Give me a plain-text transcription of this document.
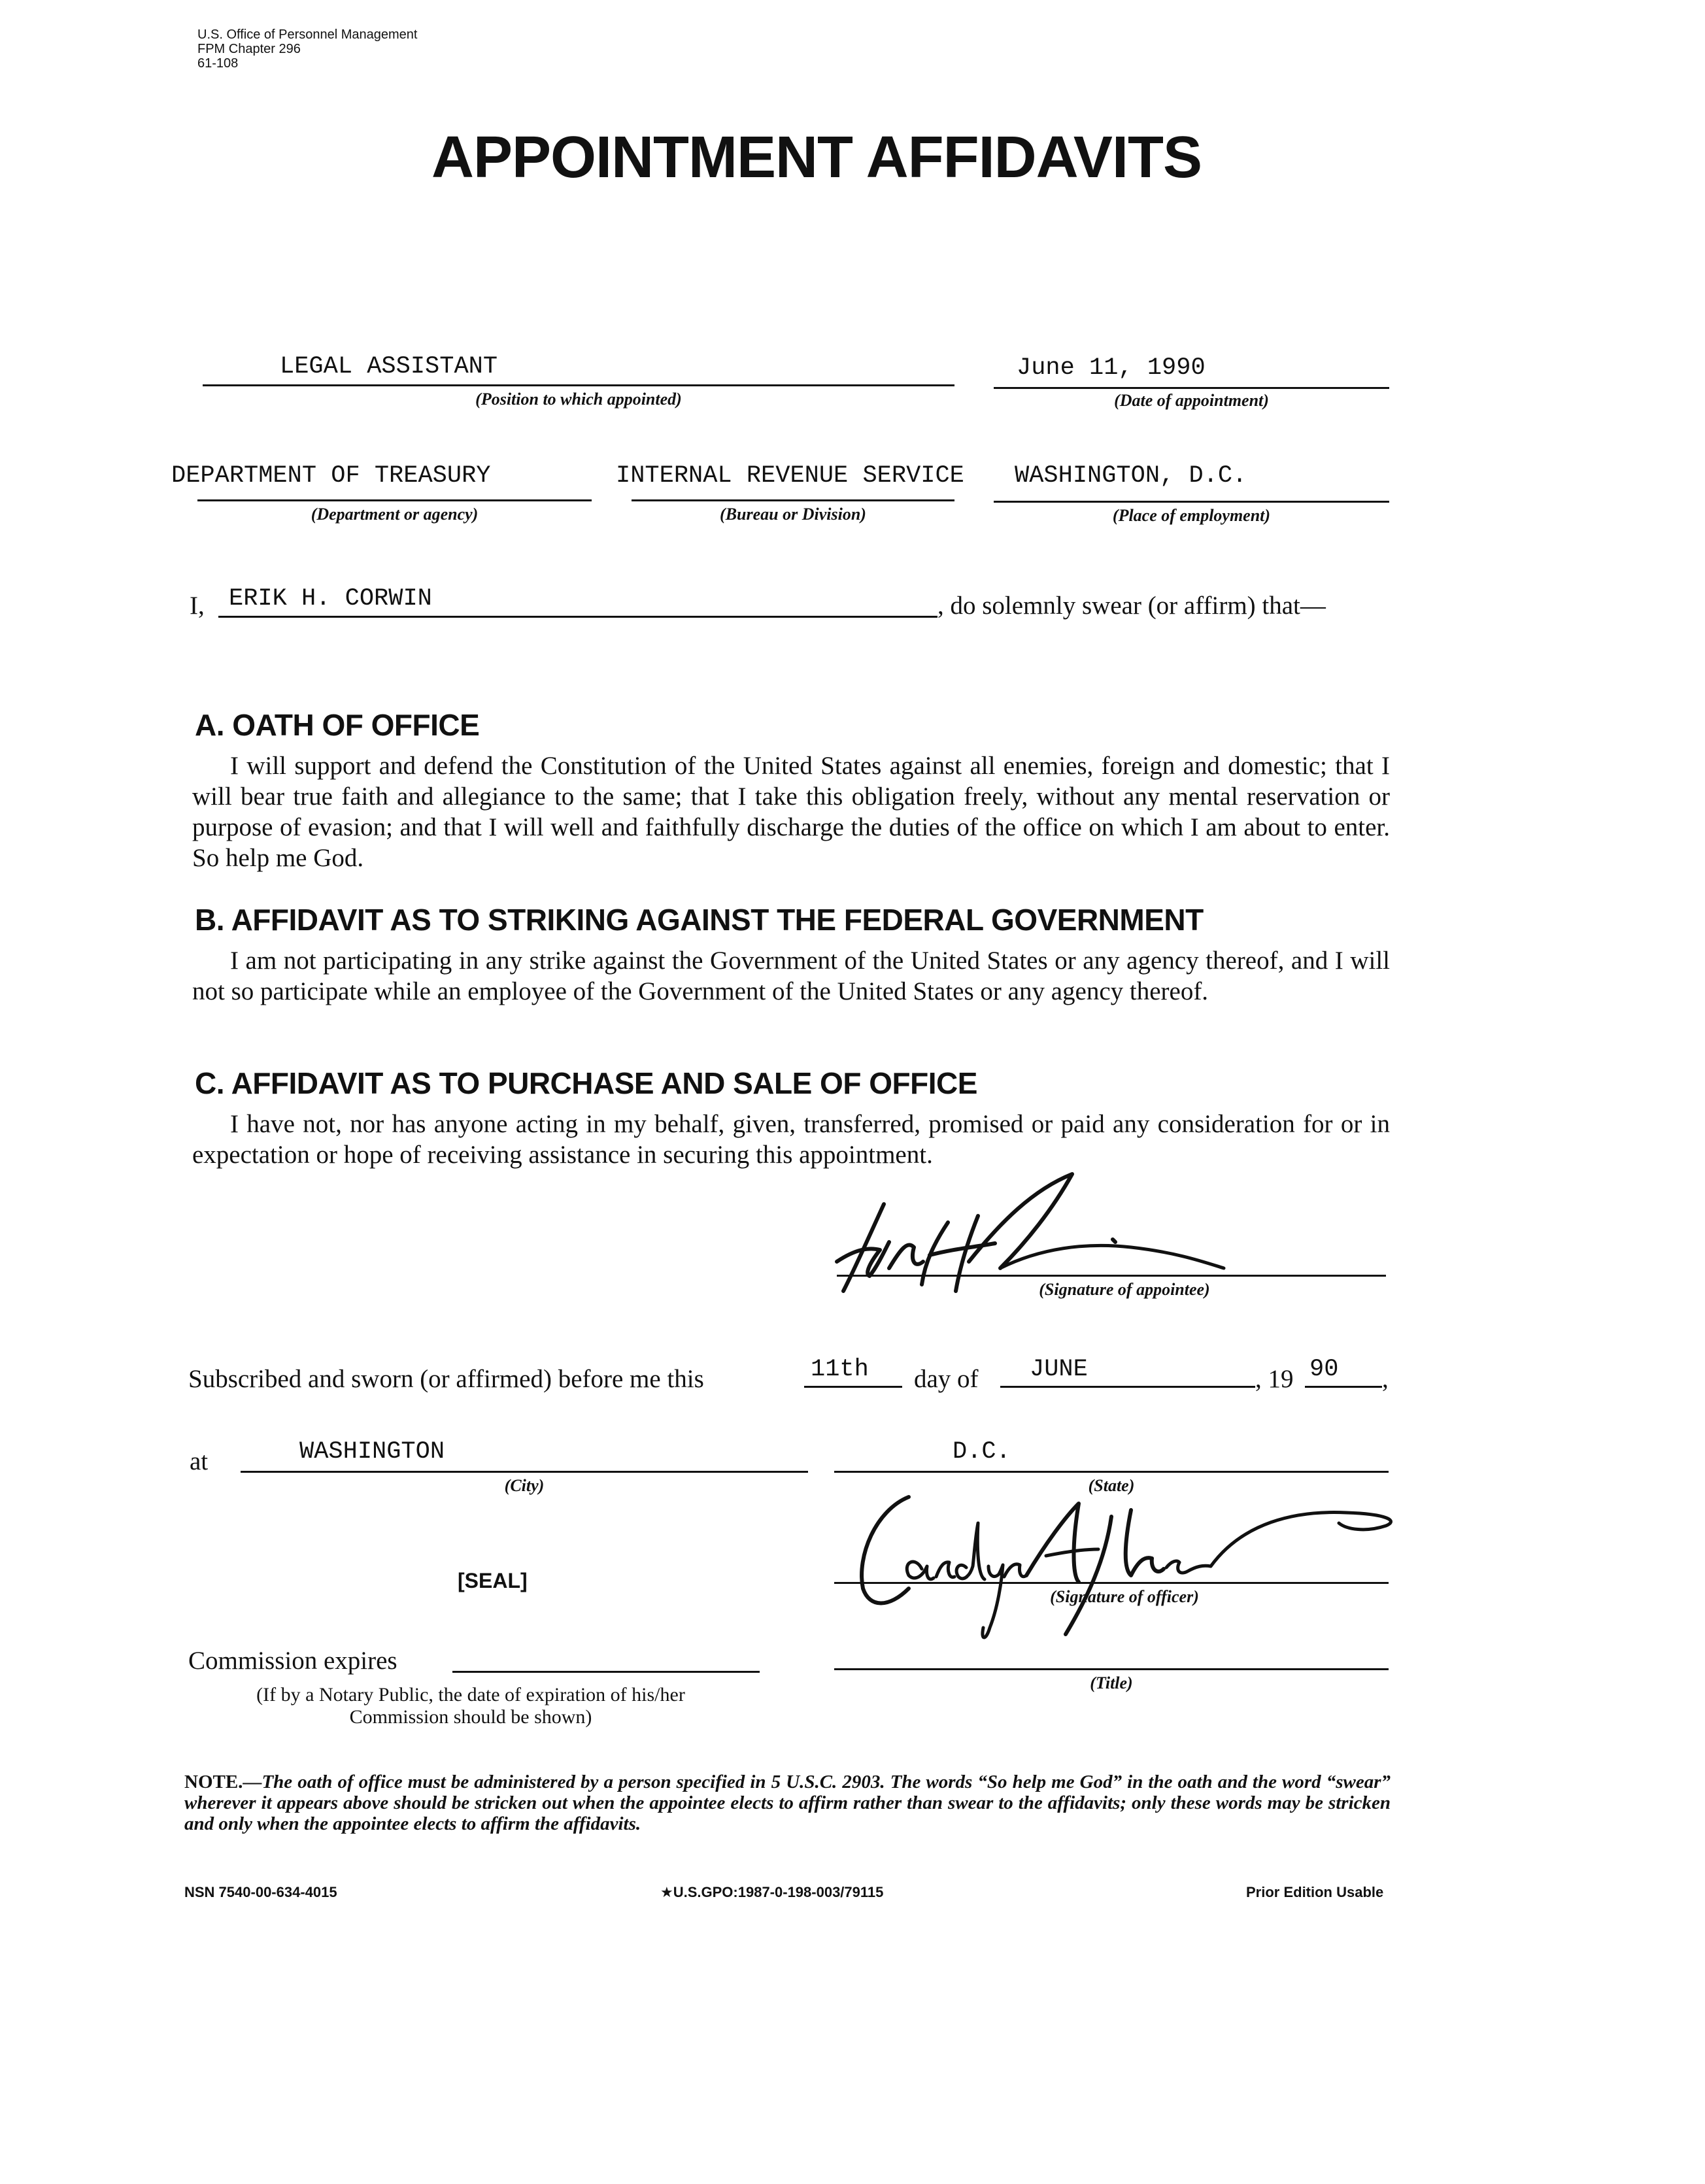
U.S. Office of Personnel Management
FPM Chapter 296
61-108
APPOINTMENT AFFIDAVITS
LEGAL ASSISTANT
(Position to which appointed)
June 11, 1990
(Date of appointment)
DEPARTMENT OF TREASURY
(Department or agency)
INTERNAL REVENUE SERVICE
(Bureau or Division)
WASHINGTON, D.C.
(Place of employment)
I, ERIK H. CORWIN	, do solemnly swear (or affirm) that—
A. OATH OF OFFICE
I will support and defend the Constitution of the United States against all enemies, foreign and domestic; that I will bear true faith and allegiance to the same; that I take this obligation freely, without any mental reservation or purpose of evasion; and that I will well and faithfully discharge the duties of the office on which I am about to enter. So help me God.
B. AFFIDAVIT AS TO STRIKING AGAINST THE FEDERAL GOVERNMENT
I am not participating in any strike against the Government of the United States or any agency thereof, and I will not so participate while an employee of the Government of the United States or any agency thereof.
C. AFFIDAVIT AS TO PURCHASE AND SALE OF OFFICE
I have not, nor has anyone acting in my behalf, given, transferred, promised or paid any consideration for or in expectation or hope of receiving assistance in securing this appointment.
(Signature of appointee)
Subscribed and sworn (or affirmed) before me this	11th day of JUNE	, 19 90 ,
at	WASHINGTON
(City)
D.C.
(State)
[SEAL]
(Signature of officer)
Commission expires
(If by a Notary Public, the date of expiration of his/her
Commission should be shown)
(Title)
NOTE.—The oath of office must be administered by a person specified in 5 U.S.C. 2903. The words “So help me God” in the oath and the word “swear” wherever it appears above should be stricken out when the appointee elects to affirm rather than swear to the affidavits; only these words may be stricken and only when the appointee elects to affirm the affidavits.
NSN 7540-00-634-4015	★U.S.GPO:1987-0-198-003/79115	Prior Edition Usable
